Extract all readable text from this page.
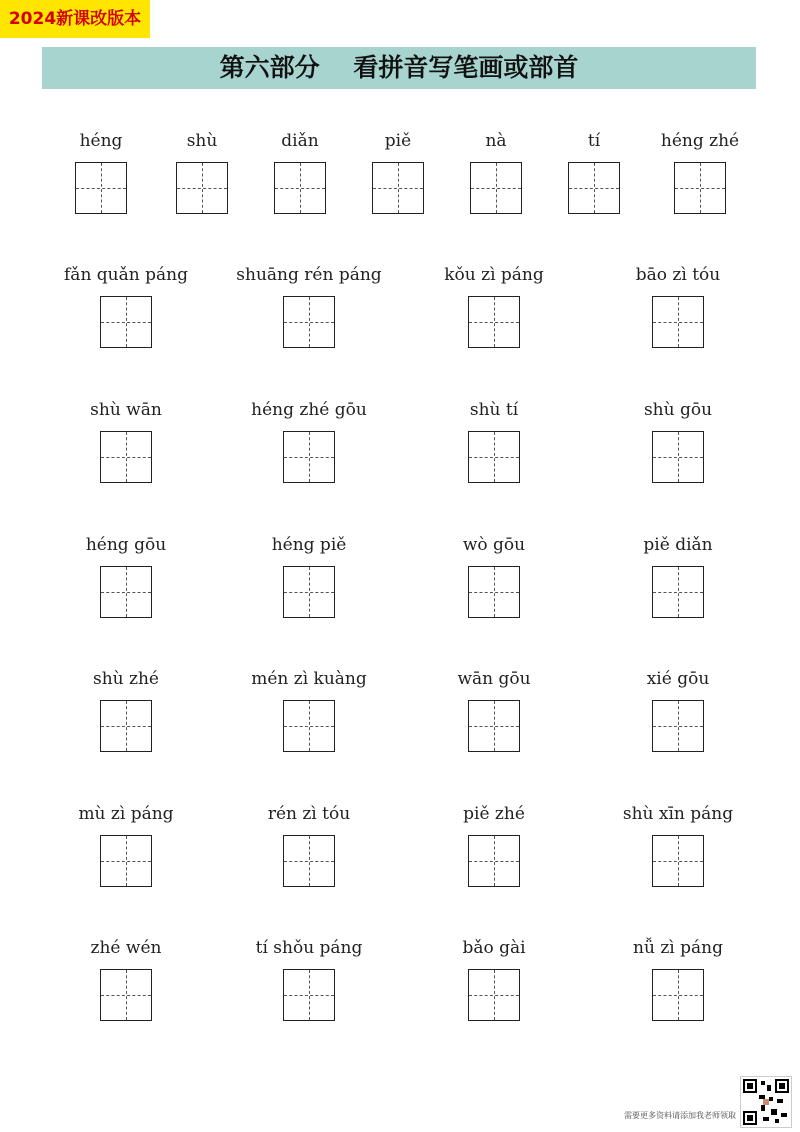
2024新课改版本
第六部分　 看拼音写笔画或部首
héng	shù	diǎn	piě	nà	tí	héng zhé
fǎn quǎn páng	shuāng rén páng	kǒu zì páng	bāo zì tóu
shù wān	héng zhé gōu	shù tí	shù gōu
héng gōu	héng piě	wò gōu	piě diǎn
shù zhé	mén zì kuàng	wān gōu	xié gōu
mù zì páng	rén zì tóu	piě zhé	shù xīn páng
zhé wén	tí shǒu páng	bǎo gài	nǚ zì páng
需要更多资料请添加我老师领取
